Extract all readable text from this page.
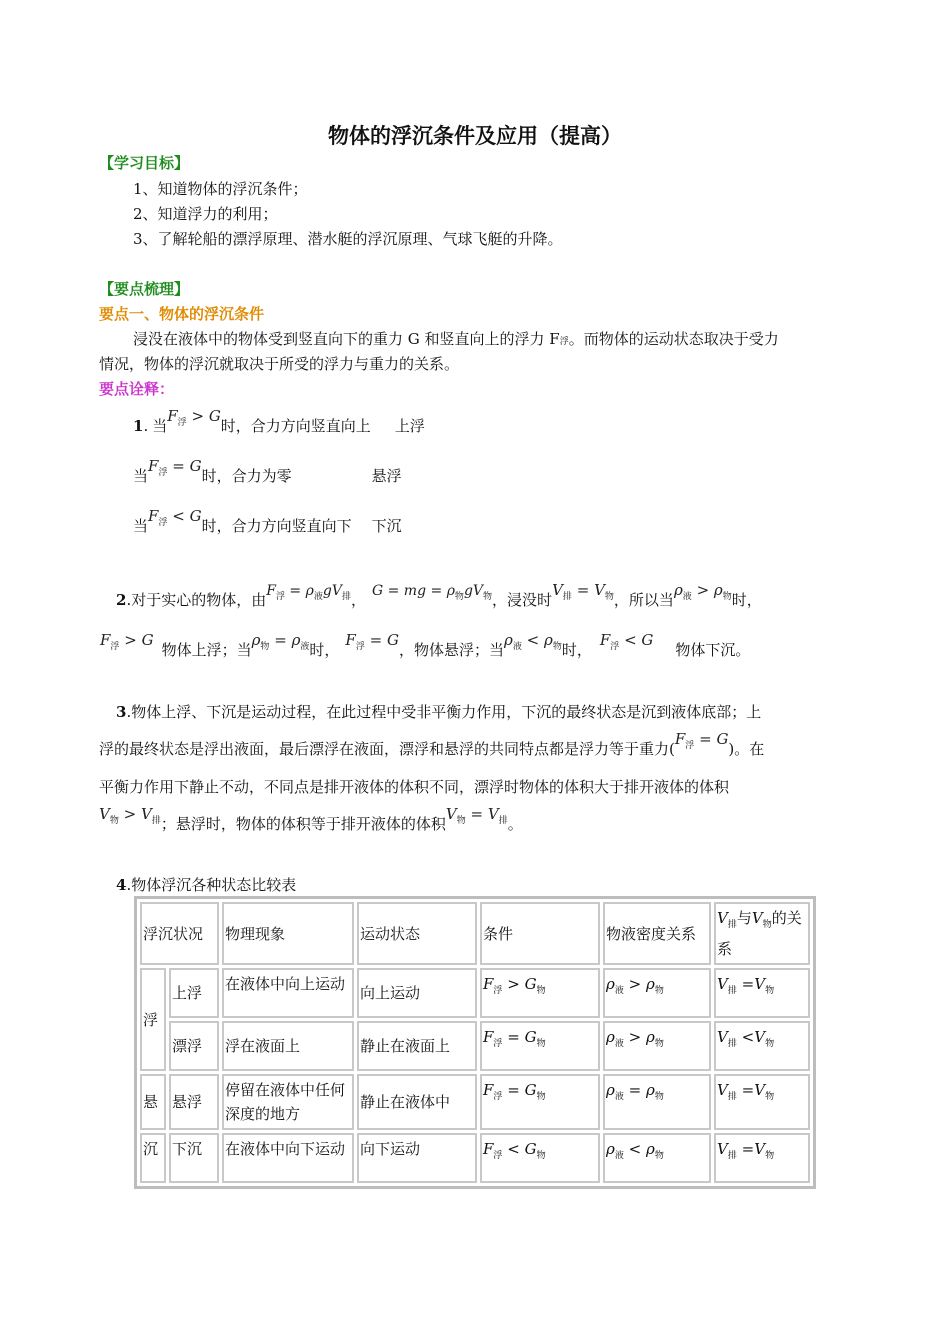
物体的浮沉条件及应用（提高）
【学习目标】
1、知道物体的浮沉条件；
2、知道浮力的利用；
3、了解轮船的漂浮原理、潜水艇的浮沉原理、气球飞艇的升降。
【要点梳理】
要点一、物体的浮沉条件
浸没在液体中的物体受到竖直向下的重力 G 和竖直向上的浮力 F浮。而物体的运动状态取决于受力
情况，物体的浮沉就取决于所受的浮力与重力的关系。
要点诠释：
1. 当$F_浮 > G$时，合力方向竖直向上 上浮
当$F_浮 = G$时，合力为零	悬浮
当$F_浮 < G$时，合力方向竖直向下 下沉
2.对于实心的物体，由$F_浮 = \rho_液gV_排$， G = mg = $\rho_物gV_物$，浸没时$V_排 = V_物$，所以当$\rho_液 > \rho_物$时，
$F_浮 > G$物体上浮；当$\rho_物 = \rho_液$时，$F_浮 = G$，物体悬浮；当$\rho_液 < \rho_物$时，$F_浮 < G$物体下沉。
3.物体上浮、下沉是运动过程，在此过程中受非平衡力作用，下沉的最终状态是沉到液体底部；上
浮的最终状态是浮出液面，最后漂浮在液面，漂浮和悬浮的共同特点都是浮力等于重力$(F_浮 = G)$。在
平衡力作用下静止不动，不同点是排开液体的体积不同，漂浮时物体的体积大于排开液体的体积
$V_物 > V_排$；悬浮时，物体的体积等于排开液体的体积$V_物 = V_排$。
4.物体浮沉各种状态比较表
浮沉状况		物理现象	运动状态	条件	物液密度关系	$V_排$与$V_物$的关系
浮	上浮	在液体中向上运动	向上运动	$F_浮 > G_物$	$\rho_液 > \rho_物$	$V_排 =V_物$
	漂浮	浮在液面上	静止在液面上	$F_浮 = G_物$	$\rho_液 > \rho_物$	$V_排 <V_物$
悬	悬浮	停留在液体中任何深度的地方	静止在液体中	$F_浮 = G_物$	$\rho_液 = \rho_物$	$V_排 =V_物$
沉	下沉	在液体中向下运动	向下运动	$F_浮 < G_物$	$\rho_液 < \rho_物$	$V_排 =V_物$
